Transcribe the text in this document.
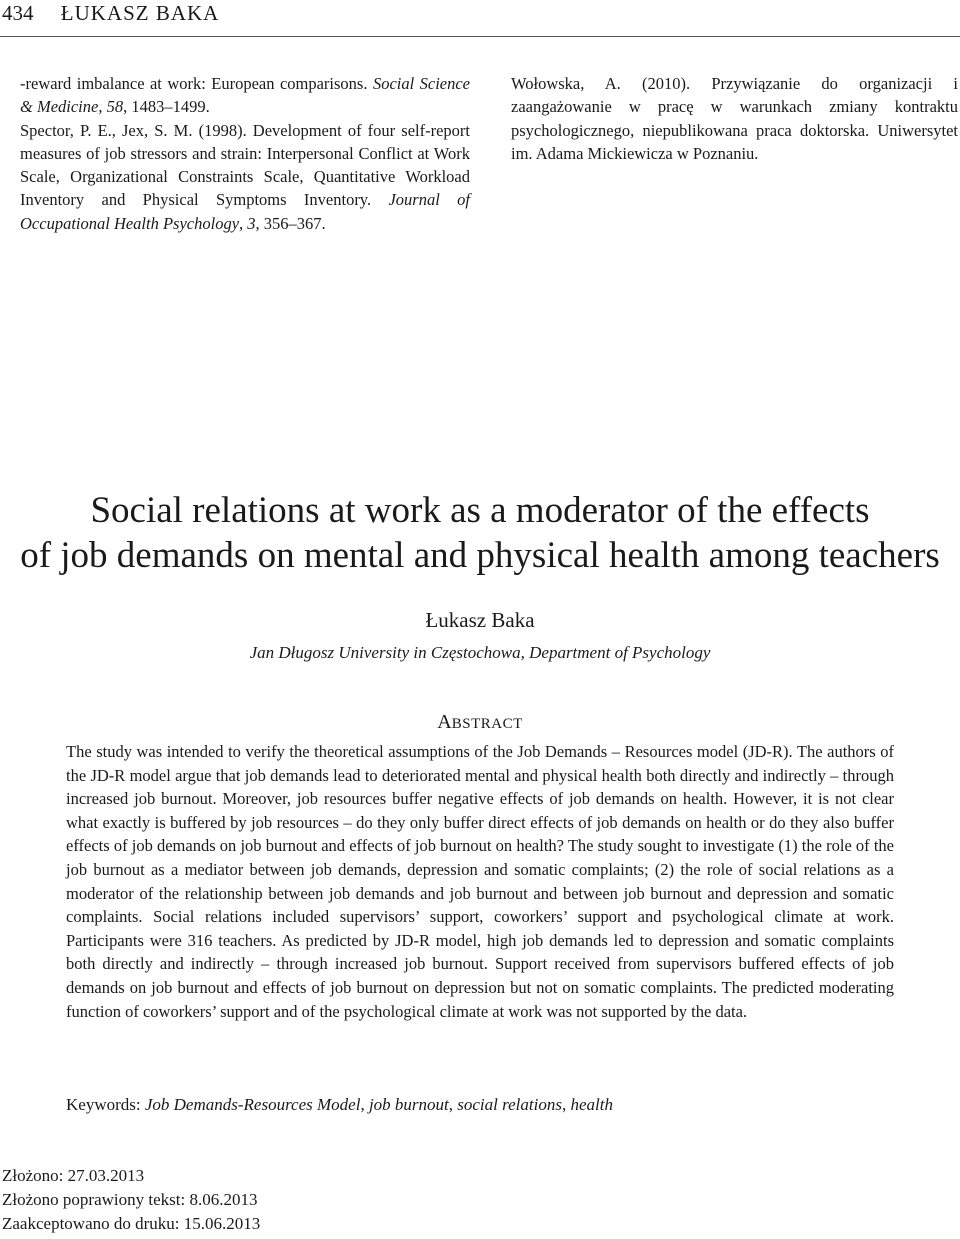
434 ŁUKASZ BAKA

-reward imbalance at work: European comparisons. Social Science & Medicine, 58, 1483–1499.

Spector, P. E., Jex, S. M. (1998). Development of four self-report measures of job stressors and strain: Interpersonal Conflict at Work Scale, Organizational Constraints Scale, Quantitative Workload Inventory and Physical Symptoms Inventory. Journal of Occupational Health Psychology, 3, 356–367.

Wołowska, A. (2010). Przywiązanie do organizacji i zaangażowanie w pracę w warunkach zmiany kontraktu psychologicznego, niepublikowana praca doktorska. Uniwersytet im. Adama Mickiewicza w Poznaniu.

Social relations at work as a moderator of the effects
of job demands on mental and physical health among teachers
Łukasz Baka
Jan Długosz University in Częstochowa, Department of Psychology
ABSTRACT

The study was intended to verify the theoretical assumptions of the Job Demands – Resources model (JD-R). The authors of the JD-R model argue that job demands lead to deteriorated mental and physical health both directly and indirectly – through increased job burnout. Moreover, job resources buffer negative effects of job demands on health. However, it is not clear what exactly is buffered by job resources – do they only buffer direct effects of job demands on health or do they also buffer effects of job demands on job burnout and effects of job burnout on health? The study sought to investigate (1) the role of the job burnout as a mediator between job demands, depression and somatic complaints; (2) the role of social relations as a moderator of the relationship between job demands and job burnout and between job burnout and depression and somatic complaints. Social relations included supervisors’ support, coworkers’ support and psychological climate at work. Participants were 316 teachers. As predicted by JD-R model, high job demands led to depression and somatic complaints both directly and indirectly – through increased job burnout. Support received from supervisors buffered effects of job demands on job burnout and effects of job burnout on depression but not on somatic complaints. The predicted moderating function of coworkers’ support and of the psychological climate at work was not supported by the data.

Keywords: Job Demands-Resources Model, job burnout, social relations, health
Złożono: 27.03.2013
Złożono poprawiony tekst: 8.06.2013
Zaakceptowano do druku: 15.06.2013
